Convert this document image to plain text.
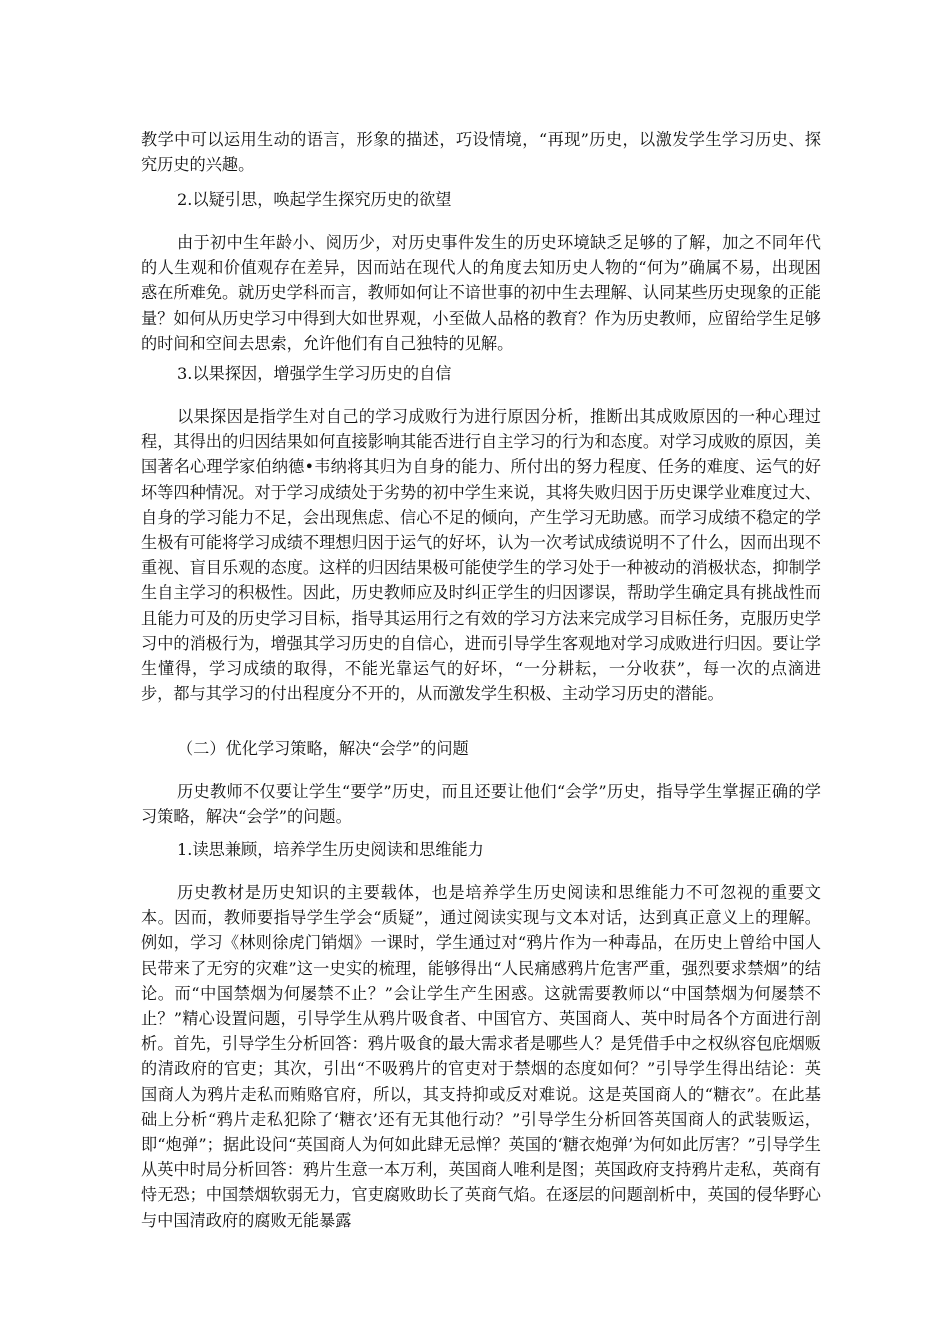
教学中可以运用生动的语言，形象的描述，巧设情境，“再现”历史，以激发学生学习历史、探究历史的兴趣。
2.以疑引思，唤起学生探究历史的欲望
由于初中生年龄小、阅历少，对历史事件发生的历史环境缺乏足够的了解，加之不同年代的人生观和价值观存在差异，因而站在现代人的角度去知历史人物的“何为”确属不易，出现困惑在所难免。就历史学科而言，教师如何让不谙世事的初中生去理解、认同某些历史现象的正能量？如何从历史学习中得到大如世界观，小至做人品格的教育？作为历史教师，应留给学生足够的时间和空间去思索，允许他们有自己独特的见解。
3.以果探因，增强学生学习历史的自信
以果探因是指学生对自己的学习成败行为进行原因分析，推断出其成败原因的一种心理过程，其得出的归因结果如何直接影响其能否进行自主学习的行为和态度。对学习成败的原因，美国著名心理学家伯纳德•韦纳将其归为自身的能力、所付出的努力程度、任务的难度、运气的好坏等四种情况。对于学习成绩处于劣势的初中学生来说，其将失败归因于历史课学业难度过大、自身的学习能力不足，会出现焦虑、信心不足的倾向，产生学习无助感。而学习成绩不稳定的学生极有可能将学习成绩不理想归因于运气的好坏，认为一次考试成绩说明不了什么，因而出现不重视、盲目乐观的态度。这样的归因结果极可能使学生的学习处于一种被动的消极状态，抑制学生自主学习的积极性。因此，历史教师应及时纠正学生的归因谬误，帮助学生确定具有挑战性而且能力可及的历史学习目标，指导其运用行之有效的学习方法来完成学习目标任务，克服历史学习中的消极行为，增强其学习历史的自信心，进而引导学生客观地对学习成败进行归因。要让学生懂得，学习成绩的取得，不能光靠运气的好坏，“一分耕耘，一分收获”，每一次的点滴进步，都与其学习的付出程度分不开的，从而激发学生积极、主动学习历史的潜能。
（二）优化学习策略，解决“会学”的问题
历史教师不仅要让学生“要学”历史，而且还要让他们“会学”历史，指导学生掌握正确的学习策略，解决“会学”的问题。
1.读思兼顾，培养学生历史阅读和思维能力
历史教材是历史知识的主要载体，也是培养学生历史阅读和思维能力不可忽视的重要文本。因而，教师要指导学生学会“质疑”，通过阅读实现与文本对话，达到真正意义上的理解。例如，学习《林则徐虎门销烟》一课时，学生通过对“鸦片作为一种毒品，在历史上曾给中国人民带来了无穷的灾难”这一史实的梳理，能够得出“人民痛感鸦片危害严重，强烈要求禁烟”的结论。而“中国禁烟为何屡禁不止？”会让学生产生困惑。这就需要教师以“中国禁烟为何屡禁不止？”精心设置问题，引导学生从鸦片吸食者、中国官方、英国商人、英中时局各个方面进行剖析。首先，引导学生分析回答：鸦片吸食的最大需求者是哪些人？是凭借手中之权纵容包庇烟贩的清政府的官吏；其次，引出“不吸鸦片的官吏对于禁烟的态度如何？”引导学生得出结论：英国商人为鸦片走私而贿赂官府，所以，其支持抑或反对难说。这是英国商人的“糖衣”。在此基础上分析“鸦片走私犯除了‘糖衣’还有无其他行动？”引导学生分析回答英国商人的武装贩运，即“炮弹”；据此设问“英国商人为何如此肆无忌惮？英国的‘糖衣炮弹’为何如此厉害？”引导学生从英中时局分析回答：鸦片生意一本万利，英国商人唯利是图；英国政府支持鸦片走私，英商有恃无恐；中国禁烟软弱无力，官吏腐败助长了英商气焰。在逐层的问题剖析中，英国的侵华野心与中国清政府的腐败无能暴露
